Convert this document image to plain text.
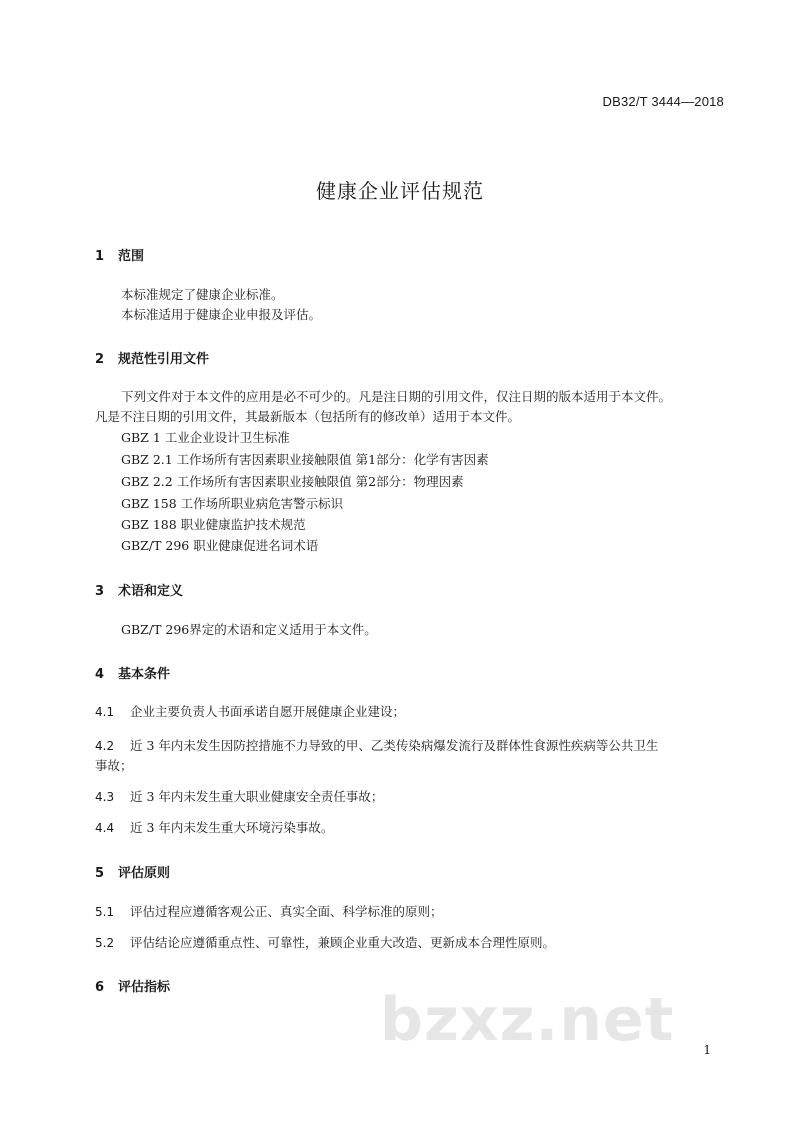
DB32/T 3444—2018
健康企业评估规范
1 范围
本标准规定了健康企业标准。
本标准适用于健康企业申报及评估。
2 规范性引用文件
下列文件对于本文件的应用是必不可少的。凡是注日期的引用文件，仅注日期的版本适用于本文件。
凡是不注日期的引用文件，其最新版本（包括所有的修改单）适用于本文件。
GBZ 1 工业企业设计卫生标准
GBZ 2.1 工作场所有害因素职业接触限值 第1部分：化学有害因素
GBZ 2.2 工作场所有害因素职业接触限值 第2部分：物理因素
GBZ 158 工作场所职业病危害警示标识
GBZ 188 职业健康监护技术规范
GBZ/T 296 职业健康促进名词术语
3 术语和定义
GBZ/T 296界定的术语和定义适用于本文件。
4 基本条件
4.1 企业主要负责人书面承诺自愿开展健康企业建设；
4.2 近 3 年内未发生因防控措施不力导致的甲、乙类传染病爆发流行及群体性食源性疾病等公共卫生
事故；
4.3 近 3 年内未发生重大职业健康安全责任事故；
4.4 近 3 年内未发生重大环境污染事故。
5 评估原则
5.1 评估过程应遵循客观公正、真实全面、科学标准的原则；
5.2 评估结论应遵循重点性、可靠性，兼顾企业重大改造、更新成本合理性原则。
6 评估指标	bzxz.net 1
